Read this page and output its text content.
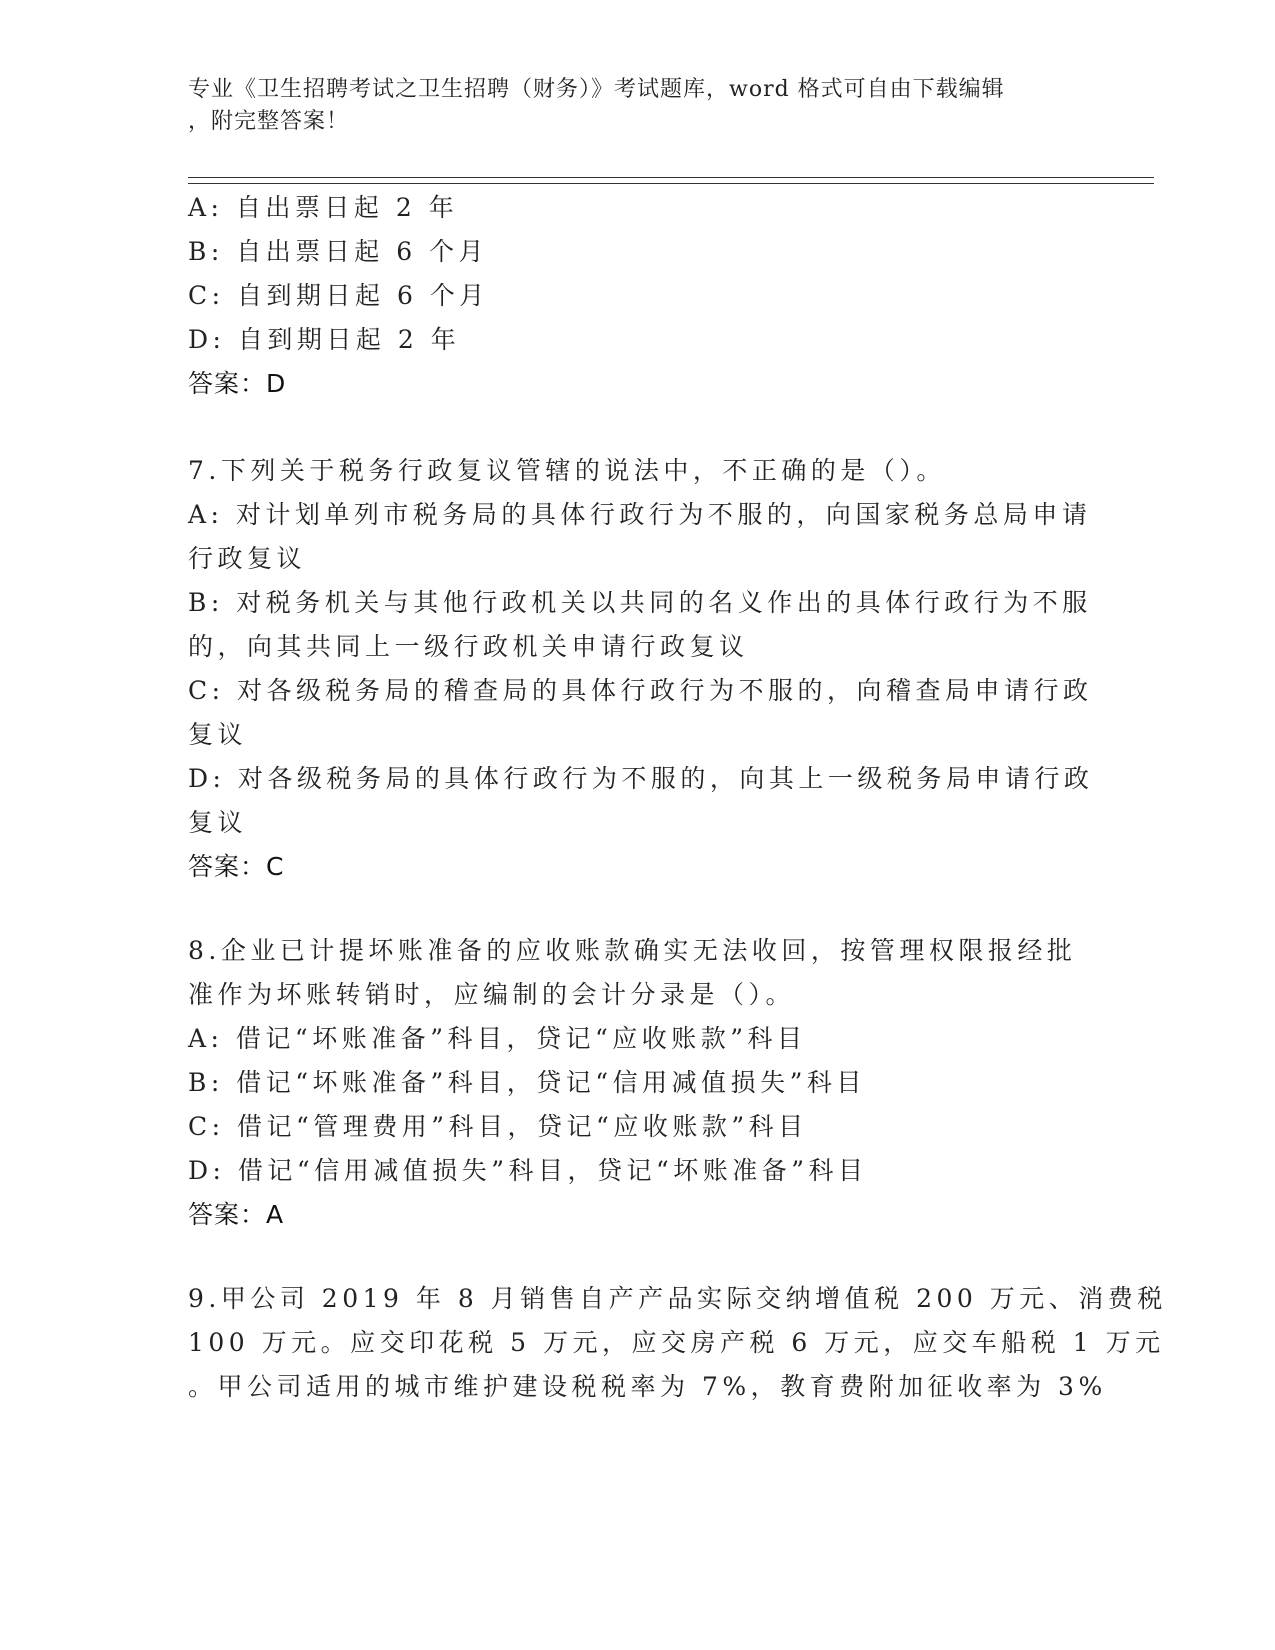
专业《卫生招聘考试之卫生招聘（财务）》考试题库，word 格式可自由下载编辑
，附完整答案！
A: 自出票日起 2 年
B: 自出票日起 6 个月
C: 自到期日起 6 个月
D: 自到期日起 2 年
答案：D
7.下列关于税务行政复议管辖的说法中，不正确的是（）。
A: 对计划单列市税务局的具体行政行为不服的，向国家税务总局申请
行政复议
B: 对税务机关与其他行政机关以共同的名义作出的具体行政行为不服
的，向其共同上一级行政机关申请行政复议
C: 对各级税务局的稽查局的具体行政行为不服的，向稽查局申请行政
复议
D: 对各级税务局的具体行政行为不服的，向其上一级税务局申请行政
复议
答案：C
8.企业已计提坏账准备的应收账款确实无法收回，按管理权限报经批
准作为坏账转销时，应编制的会计分录是（）。
A: 借记“坏账准备”科目，贷记“应收账款”科目
B: 借记“坏账准备”科目，贷记“信用减值损失”科目
C: 借记“管理费用”科目，贷记“应收账款”科目
D: 借记“信用减值损失”科目，贷记“坏账准备”科目
答案：A
9.甲公司 2019 年 8 月销售自产产品实际交纳增值税 200 万元、消费税
100 万元。应交印花税 5 万元，应交房产税 6 万元，应交车船税 1 万元
。甲公司适用的城市维护建设税税率为 7%，教育费附加征收率为 3%
